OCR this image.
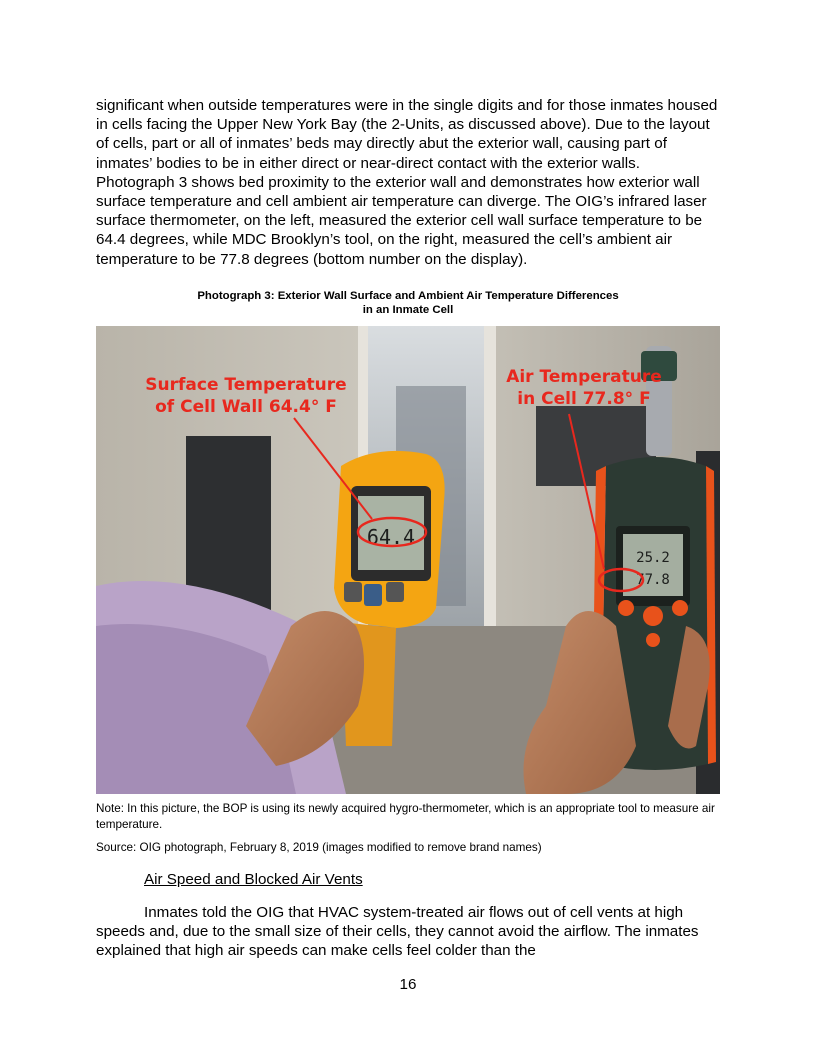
significant when outside temperatures were in the single digits and for those inmates housed in cells facing the Upper New York Bay (the 2-Units, as discussed above). Due to the layout of cells, part or all of inmates’ beds may directly abut the exterior wall, causing part of inmates’ bodies to be in either direct or near-direct contact with the exterior walls. Photograph 3 shows bed proximity to the exterior wall and demonstrates how exterior wall surface temperature and cell ambient air temperature can diverge. The OIG’s infrared laser surface thermometer, on the left, measured the exterior cell wall surface temperature to be 64.4 degrees, while MDC Brooklyn’s tool, on the right, measured the cell’s ambient air temperature to be 77.8 degrees (bottom number on the display).

Photograph 3: Exterior Wall Surface and Ambient Air Temperature Differences
in an Inmate Cell
64.4
25.2
77.8
Surface Temperature
of Cell Wall 64.4° F
Air Temperature
in Cell 77.8° F

Note: In this picture, the BOP is using its newly acquired hygro-thermometer, which is an appropriate tool to measure air temperature.

Source: OIG photograph, February 8, 2019 (images modified to remove brand names)

Air Speed and Blocked Air Vents

Inmates told the OIG that HVAC system-treated air flows out of cell vents at high speeds and, due to the small size of their cells, they cannot avoid the airflow. The inmates explained that high air speeds can make cells feel colder than the

16
